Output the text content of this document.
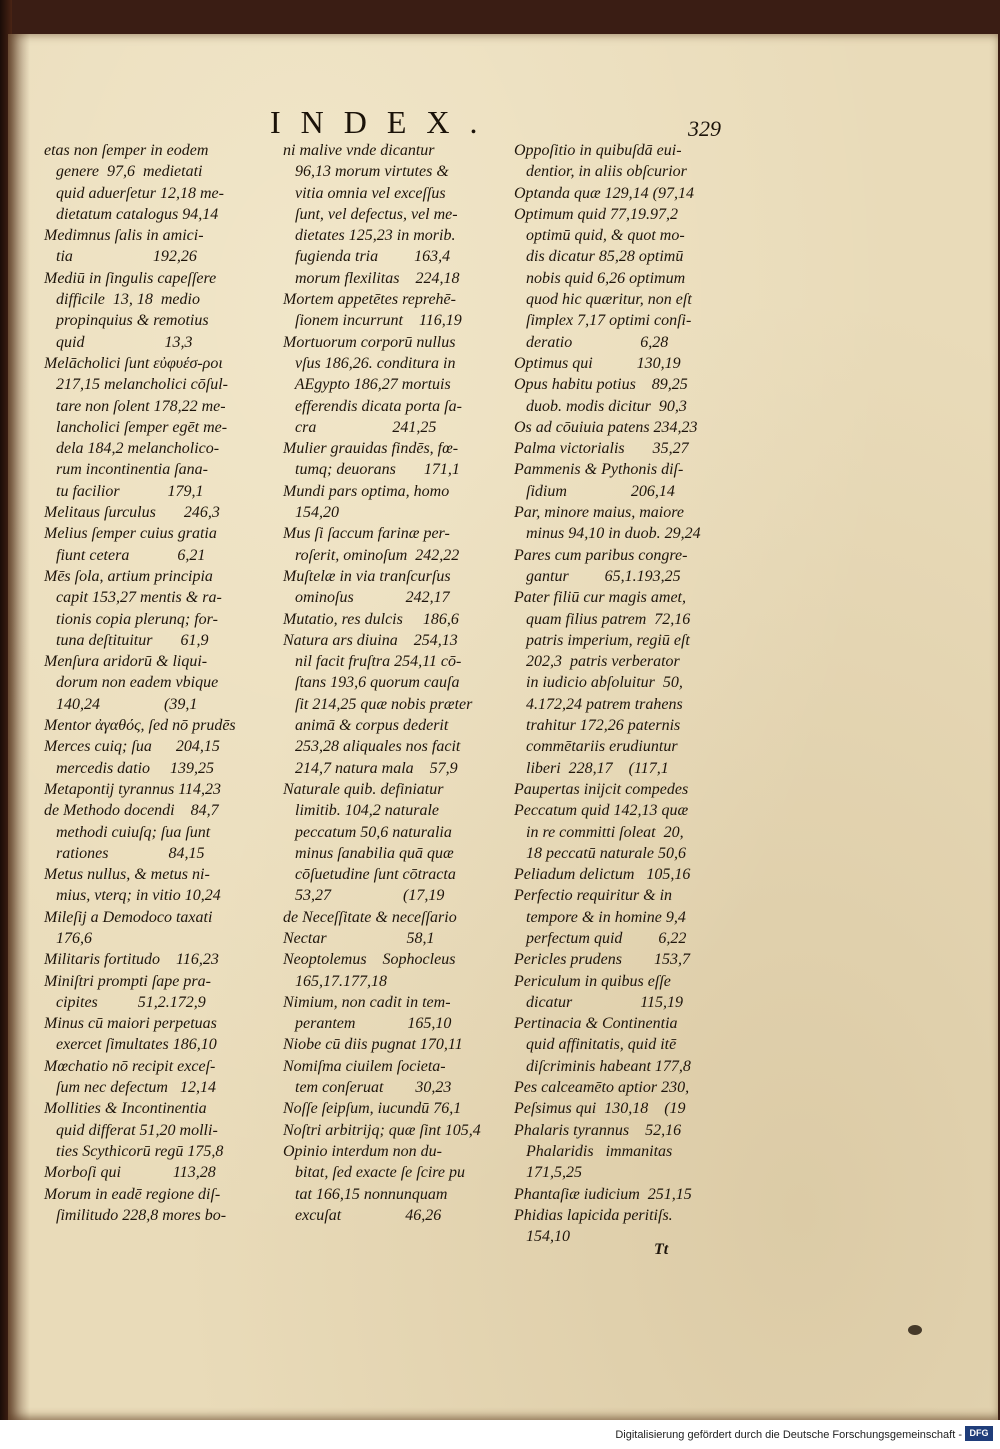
INDEX.	329
etas non ſemper in eodem
genere  97,6  medietati
quid aduerſetur 12,18 me-
dietatum catalogus 94,14
Medimnus ſalis in amici-
tia                    192,26
Mediū in ſingulis capeſſere
difficile  13, 18  medio
propinquius & remotius
quid                    13,3
Melācholici ſunt εὐφυέσ-ροι
217,15 melancholici cōſul-
tare non ſolent 178,22 me-
lancholici ſemper egēt me-
dela 184,2 melancholico-
rum incontinentia ſana-
tu facilior            179,1
Melitaus ſurculus       246,3
Melius ſemper cuius gratia
fiunt cetera            6,21
Mēs ſola, artium principia
capit 153,27 mentis & ra-
tionis copia plerunq; for-
tuna deſtituitur       61,9
Menſura aridorū & liqui-
dorum non eadem vbique
140,24                (39,1
Mentor ἀγαθός, ſed nō prudēs
Merces cuiq; ſua      204,15
mercedis datio     139,25
Metapontij tyrannus 114,23
de Methodo docendi    84,7
methodi cuiuſq; ſua ſunt
rationes               84,15
Metus nullus, & metus ni-
mius, vterq; in vitio 10,24
Mileſij a Demodoco taxati
176,6
Militaris fortitudo    116,23
Miniſtri prompti ſape pra-
cipites          51,2.172,9
Minus cū maiori perpetuas
exercet ſimultates 186,10
Mœchatio nō recipit exceſ-
ſum nec defectum   12,14
Mollities & Incontinentia
quid differat 51,20 molli-
ties Scythicorū regū 175,8
Morboſi qui             113,28
Morum in eadē regione diſ-
ſimilitudo 228,8 mores bo-
ni malive vnde dicantur
96,13 morum virtutes &
vitia omnia vel exceſſus
ſunt, vel defectus, vel me-
dietates 125,23 in morib.
fugienda tria         163,4
morum flexilitas    224,18
Mortem appetētes reprehē-
ſionem incurrunt    116,19
Mortuorum corporū nullus
vſus 186,26. conditura in
AEgypto 186,27 mortuis
efferendis dicata porta ſa-
cra                   241,25
Mulier grauidas findēs, fœ-
tumq; deuorans       171,1
Mundi pars optima, homo
154,20
Mus ſi ſaccum farinæ per-
roſerit, ominoſum  242,22
Muſtelæ in via tranſcurſus
ominoſus             242,17
Mutatio, res dulcis     186,6
Natura ars diuina    254,13
nil facit fruſtra 254,11 cō-
ſtans 193,6 quorum cauſa
ſit 214,25 quæ nobis præter
animā & corpus dederit
253,28 aliquales nos facit
214,7 natura mala    57,9
Naturale quib. definiatur
limitib. 104,2 naturale
peccatum 50,6 naturalia
minus ſanabilia quā quæ
cōſuetudine ſunt cōtracta
53,27                  (17,19
de Neceſſitate & neceſſario
Nectar                    58,1
Neoptolemus    Sophocleus
165,17.177,18
Nimium, non cadit in tem-
perantem             165,10
Niobe cū diis pugnat 170,11
Nomiſma ciuilem ſocieta-
tem conſeruat        30,23
Noſſe ſeipſum, iucundū 76,1
Noſtri arbitrijq; quæ ſint 105,4
Opinio interdum non du-
bitat, ſed exacte ſe ſcire pu
tat 166,15 nonnunquam
excuſat                46,26
Oppoſitio in quibuſdā eui-
dentior, in aliis obſcurior
Optanda quæ 129,14 (97,14
Optimum quid 77,19.97,2
optimū quid, & quot mo-
dis dicatur 85,28 optimū
nobis quid 6,26 optimum
quod hic quæritur, non eſt
ſimplex 7,17 optimi conſi-
deratio                 6,28
Optimus qui           130,19
Opus habitu potius    89,25
duob. modis dicitur  90,3
Os ad cōuiuia patens 234,23
Palma victorialis       35,27
Pammenis & Pythonis diſ-
ſidium                206,14
Par, minore maius, maiore
minus 94,10 in duob. 29,24
Pares cum paribus congre-
gantur         65,1.193,25
Pater filiū cur magis amet,
quam filius patrem  72,16
patris imperium, regiū eſt
202,3  patris verberator
in iudicio abſoluitur  50,
4.172,24 patrem trahens
trahitur 172,26 paternis
commētariis erudiuntur
liberi  228,17    (117,1
Paupertas inijcit compedes
Peccatum quid 142,13 quæ
in re committi ſoleat  20,
18 peccatū naturale 50,6
Peliadum delictum   105,16
Perfectio requiritur & in
tempore & in homine 9,4
perfectum quid         6,22
Pericles prudens        153,7
Periculum in quibus eſſe
dicatur                 115,19
Pertinacia & Continentia
quid affinitatis, quid itē
diſcriminis habeant 177,8
Pes calceamēto aptior 230,
Peſsimus qui  130,18    (19
Phalaris tyrannus    52,16
Phalaridis   immanitas
171,5,25
Phantaſiæ iudicium  251,15
Phidias lapicida peritiſs.
154,10
Tt
Digitalisierung gefördert durch die Deutsche Forschungsgemeinschaft - DFG
